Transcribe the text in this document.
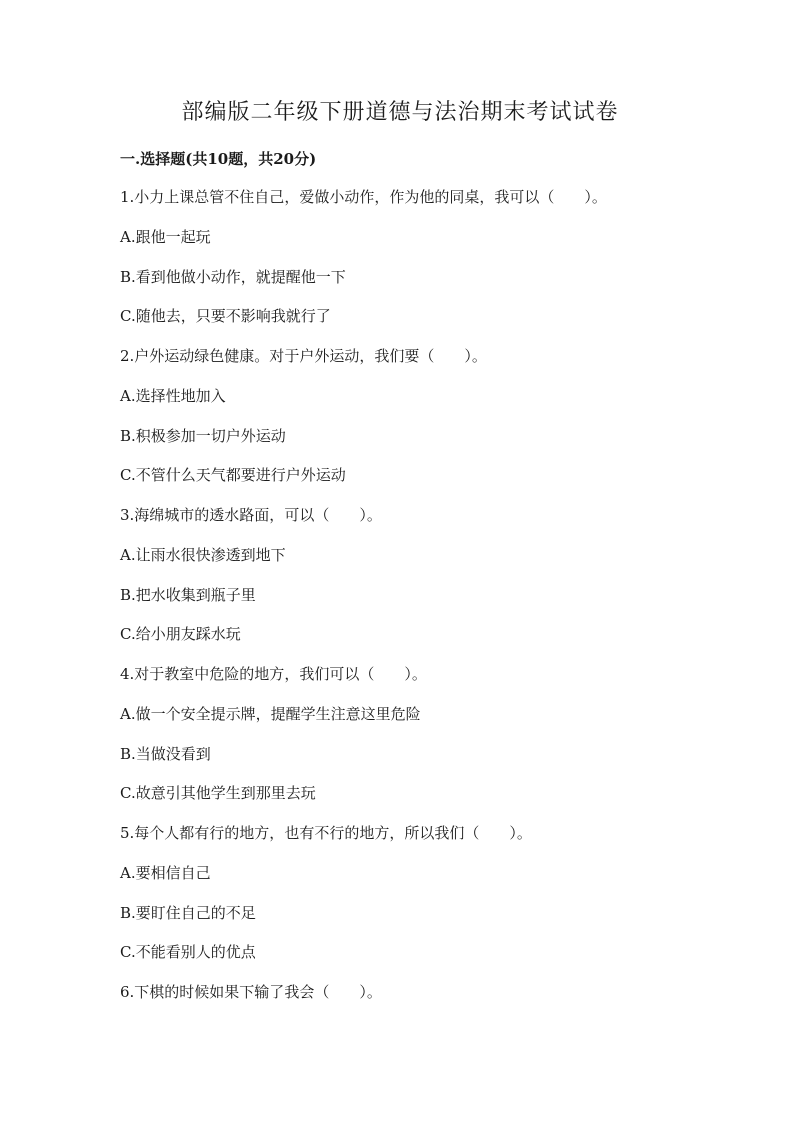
部编版二年级下册道德与法治期末考试试卷
一.选择题(共10题，共20分)
1.小力上课总管不住自己，爱做小动作，作为他的同桌，我可以（　　）。
A.跟他一起玩
B.看到他做小动作，就提醒他一下
C.随他去，只要不影响我就行了
2.户外运动绿色健康。对于户外运动，我们要（　　）。
A.选择性地加入
B.积极参加一切户外运动
C.不管什么天气都要进行户外运动
3.海绵城市的透水路面，可以（　　）。
A.让雨水很快渗透到地下
B.把水收集到瓶子里
C.给小朋友踩水玩
4.对于教室中危险的地方，我们可以（　　）。
A.做一个安全提示牌，提醒学生注意这里危险
B.当做没看到
C.故意引其他学生到那里去玩
5.每个人都有行的地方，也有不行的地方，所以我们（　　）。
A.要相信自己
B.要盯住自己的不足
C.不能看别人的优点
6.下棋的时候如果下输了我会（　　）。
